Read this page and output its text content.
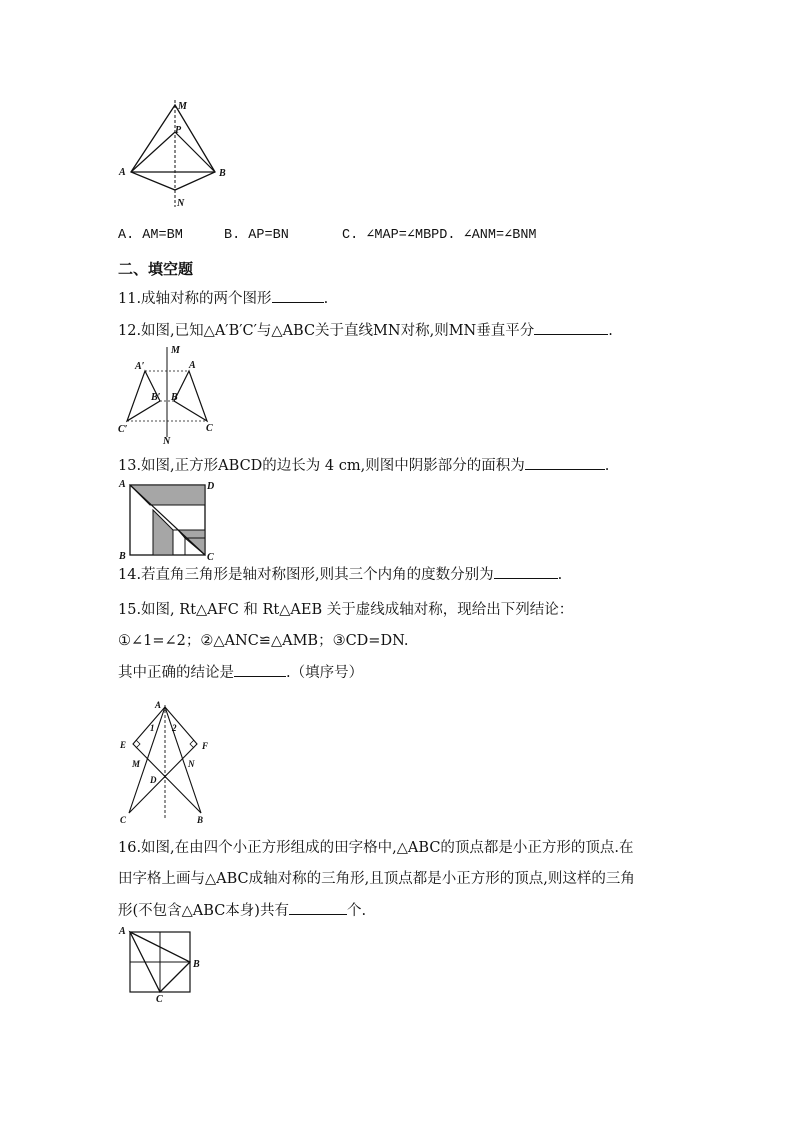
M
P
A	B
N
A. AM=BM	B. AP=BN	C. ∠MAP=∠MBPD. ∠ANM=∠BNM
二、填空题
11.成轴对称的两个图形	.
12.如图,已知△A′B′C′与△ABC关于直线MN对称,则MN垂直平分	.
M
N
A′	A
B′ B
C′	C
13.如图,正方形ABCD的边长为 4 cm,则图中阴影部分的面积为	.
A	D
B	C
14.若直角三角形是轴对称图形,则其三个内角的度数分别为	.
15.如图, Rt△AFC 和 Rt△AEB 关于虚线成轴对称，现给出下列结论：
①∠1=∠2；②△ANC≌△AMB；③CD=DN.
其中正确的结论是	.（填序号）
A
E	F
M	N
D
C	B
1 2
16.如图,在由四个小正方形组成的田字格中,△ABC的顶点都是小正方形的顶点.在
田字格上画与△ABC成轴对称的三角形,且顶点都是小正方形的顶点,则这样的三角
形(不包含△ABC本身)共有	个.
A
B
C
